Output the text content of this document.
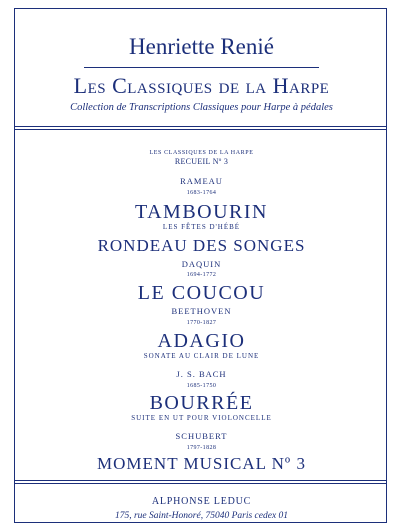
Henriette Renié
Les Classiques de la Harpe
Collection de Transcriptions Classiques pour Harpe à pédales
LES CLASSIQUES DE LA HARPE
RECUEIL Nº 3
RAMEAU
1683-1764
TAMBOURIN
LES FÊTES D'HÉBÉ
RONDEAU DES SONGES
DAQUIN
1694-1772
LE COUCOU
BEETHOVEN
1770-1827
ADAGIO
SONATE AU CLAIR DE LUNE
J. S. BACH
1685-1750
BOURRÉE
SUITE EN UT POUR VIOLONCELLE
SCHUBERT
1797-1828
MOMENT MUSICAL Nº 3
ALPHONSE LEDUC
175, rue Saint-Honoré, 75040 Paris cedex 01
